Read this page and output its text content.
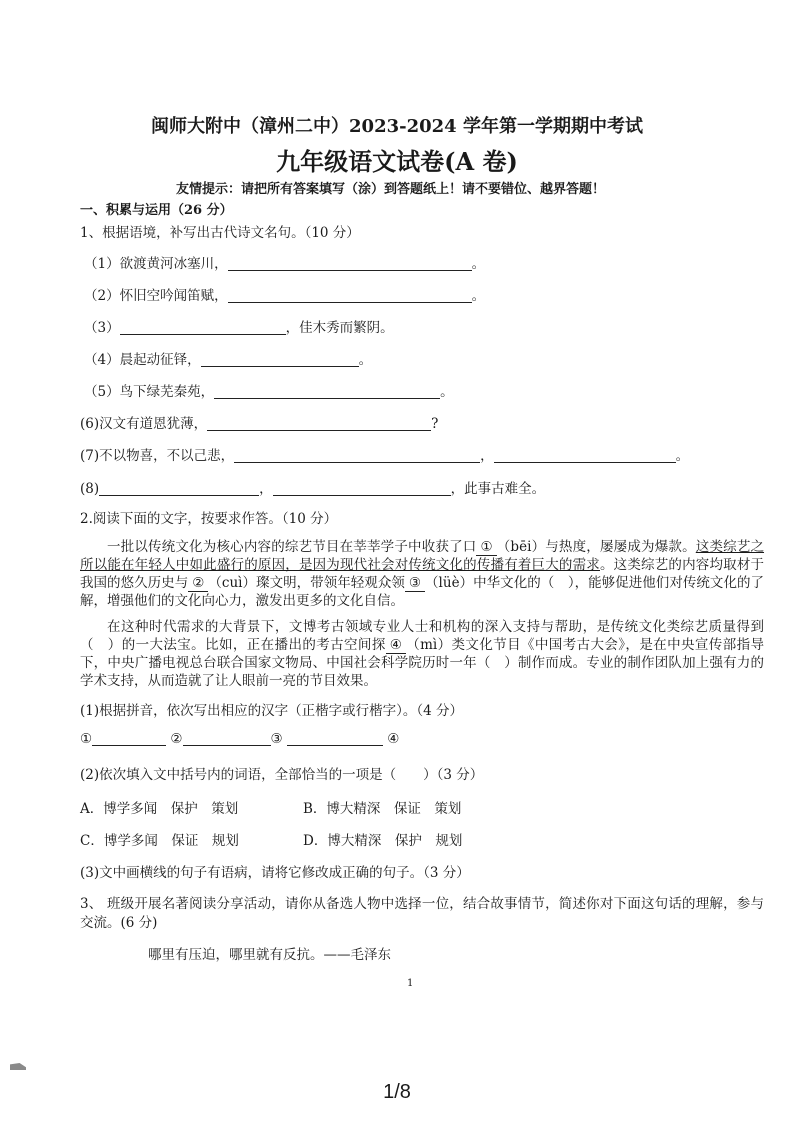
闽师大附中（漳州二中）2023-2024 学年第一学期期中考试
九年级语文试卷(A 卷)
友情提示：请把所有答案填写（涂）到答题纸上！请不要错位、越界答题！
一、积累与运用（26 分）
1、根据语境，补写出古代诗文名句。（10 分）
（1）欲渡黄河冰塞川，	。
（2）怀旧空吟闻笛赋，	。
（3）	，佳木秀而繁阴。
（4）晨起动征铎，	。
（5）鸟下绿芜秦苑，	。
(6)汉文有道恩犹薄，	?
(7)不以物喜，不以己悲，	，	。
(8)	，	，此事古难全。
2.阅读下面的文字，按要求作答。（10 分）

一批以传统文化为核心内容的综艺节目在莘莘学子中收获了口 ① （bēi）与热度，屡屡成为爆款。这类综艺之所以能在年轻人中如此盛行的原因，是因为现代社会对传统文化的传播有着巨大的需求。这类综艺的内容均取材于我国的悠久历史与 ② （cuì）璨文明，带领年轻观众领 ③ （lüè）中华文化的（　），能够促进他们对传统文化的了解，增强他们的文化向心力，激发出更多的文化自信。

在这种时代需求的大背景下，文博考古领域专业人士和机构的深入支持与帮助，是传统文化类综艺质量得到（　）的一大法宝。比如，正在播出的考古空间探 ④ （mì）类文化节目《中国考古大会》，是在中央宣传部指导下，中央广播电视总台联合国家文物局、中国社会科学院历时一年（　）制作而成。专业的制作团队加上强有力的学术支持，从而造就了让人眼前一亮的节目效果。

(1)根据拼音，依次写出相应的汉字（正楷字或行楷字）。（4 分）
①	②	③	④
(2)依次填入文中括号内的词语，全部恰当的一项是（　　）（3 分）
A．博学多闻　保护　策划	B．博大精深　保证　策划
C．博学多闻　保证　规划	D．博大精深　保护　规划
(3)文中画横线的句子有语病，请将它修改成正确的句子。（3 分）
3、 班级开展名著阅读分享活动，请你从备选人物中选择一位，结合故事情节，简述你对下面这句话的理解，参与交流。(6 分)
哪里有压迫，哪里就有反抗。——毛泽东
1
1/8
